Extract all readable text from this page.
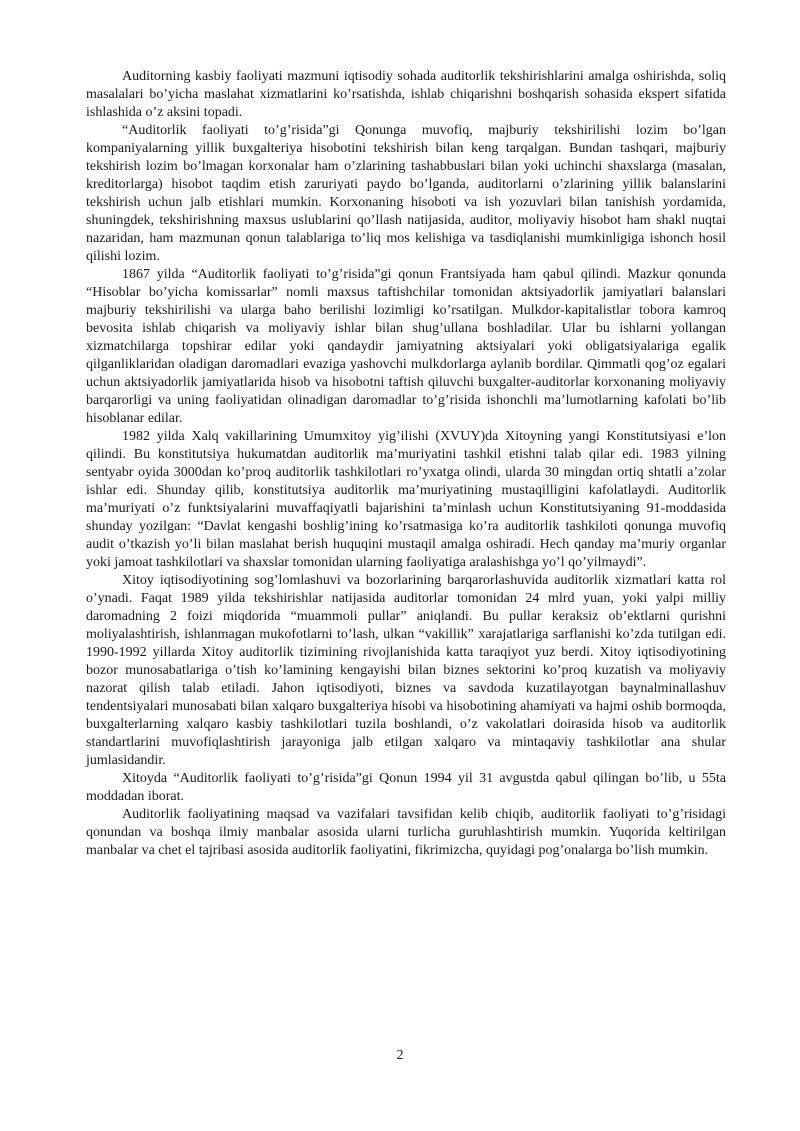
Auditorning kasbiy faoliyati mazmuni iqtisodiy sohada auditorlik tekshirishlarini amalga oshirishda, soliq masalalari bo’yicha maslahat xizmatlarini ko’rsatishda, ishlab chiqarishni boshqarish sohasida ekspert sifatida ishlashida o’z aksini topadi.

“Auditorlik faoliyati to’g’risida”gi Qonunga muvofiq, majburiy tekshirilishi lozim bo’lgan kompaniyalarning yillik buxgalteriya hisobotini tekshirish bilan keng tarqalgan. Bundan tashqari, majburiy tekshirish lozim bo’lmagan korxonalar ham o’zlarining tashabbuslari bilan yoki uchinchi shaxslarga (masalan, kreditorlarga) hisobot taqdim etish zaruriyati paydo bo’lganda, auditorlarni o’zlarining yillik balanslarini tekshirish uchun jalb etishlari mumkin. Korxonaning hisoboti va ish yozuvlari bilan tanishish yordamida, shuningdek, tekshirishning maxsus uslublarini qo’llash natijasida, auditor, moliyaviy hisobot ham shakl nuqtai nazaridan, ham mazmunan qonun talablariga to’liq mos kelishiga va tasdiqlanishi mumkinligiga ishonch hosil qilishi lozim.

1867 yilda “Auditorlik faoliyati to’g’risida”gi qonun Frantsiyada ham qabul qilindi. Mazkur qonunda “Hisoblar bo’yicha komissarlar” nomli maxsus taftishchilar tomonidan aktsiyadorlik jamiyatlari balanslari majburiy tekshirilishi va ularga baho berilishi lozimligi ko’rsatilgan. Mulkdor-kapitalistlar tobora kamroq bevosita ishlab chiqarish va moliyaviy ishlar bilan shug’ullana boshladilar. Ular bu ishlarni yollangan xizmatchilarga topshirar edilar yoki qandaydir jamiyatning aktsiyalari yoki obligatsiyalariga egalik qilganliklaridan oladigan daromadlari evaziga yashovchi mulkdorlarga aylanib bordilar. Qimmatli qog’oz egalari uchun aktsiyadorlik jamiyatlarida hisob va hisobotni taftish qiluvchi buxgalter-auditorlar korxonaning moliyaviy barqarorligi va uning faoliyatidan olinadigan daromadlar to’g’risida ishonchli ma’lumotlarning kafolati bo’lib hisoblanar edilar.

1982 yilda Xalq vakillarining Umumxitoy yig’ilishi (XVUY)da Xitoyning yangi Konstitutsiyasi e’lon qilindi. Bu konstitutsiya hukumatdan auditorlik ma’muriyatini tashkil etishni talab qilar edi. 1983 yilning sentyabr oyida 3000dan ko’proq auditorlik tashkilotlari ro’yxatga olindi, ularda 30 mingdan ortiq shtatli a’zolar ishlar edi. Shunday qilib, konstitutsiya auditorlik ma’muriyatining mustaqilligini kafolatlaydi. Auditorlik ma’muriyati o’z funktsiyalarini muvaffaqiyatli bajarishini ta’minlash uchun Konstitutsiyaning 91-moddasida shunday yozilgan: “Davlat kengashi boshlig’ining ko’rsatmasiga ko’ra auditorlik tashkiloti qonunga muvofiq audit o’tkazish yo’li bilan maslahat berish huquqini mustaqil amalga oshiradi. Hech qanday ma’muriy organlar yoki jamoat tashkilotlari va shaxslar tomonidan ularning faoliyatiga aralashishga yo’l qo’yilmaydi”.

Xitoy iqtisodiyotining sog’lomlashuvi va bozorlarining barqarorlashuvida auditorlik xizmatlari katta rol o’ynadi. Faqat 1989 yilda tekshirishlar natijasida auditorlar tomonidan 24 mlrd yuan, yoki yalpi milliy daromadning 2 foizi miqdorida “muammoli pullar” aniqlandi. Bu pullar keraksiz ob’ektlarni qurishni moliyalashtirish, ishlanmagan mukofotlarni to’lash, ulkan “vakillik” xarajatlariga sarflanishi ko’zda tutilgan edi. 1990-1992 yillarda Xitoy auditorlik tizimining rivojlanishida katta taraqiyot yuz berdi. Xitoy iqtisodiyotining bozor munosabatlariga o’tish ko’lamining kengayishi bilan biznes sektorini ko’proq kuzatish va moliyaviy nazorat qilish talab etiladi. Jahon iqtisodiyoti, biznes va savdoda kuzatilayotgan baynalminallashuv tendentsiyalari munosabati bilan xalqaro buxgalteriya hisobi va hisobotining ahamiyati va hajmi oshib bormoqda, buxgalterlarning xalqaro kasbiy tashkilotlari tuzila boshlandi, o’z vakolatlari doirasida hisob va auditorlik standartlarini muvofiqlashtirish jarayoniga jalb etilgan xalqaro va mintaqaviy tashkilotlar ana shular jumlasidandir.

Xitoyda “Auditorlik faoliyati to’g’risida”gi Qonun 1994 yil 31 avgustda qabul qilingan bo’lib, u 55ta moddadan iborat.

Auditorlik faoliyatining maqsad va vazifalari tavsifidan kelib chiqib, auditorlik faoliyati to’g’risidagi qonundan va boshqa ilmiy manbalar asosida ularni turlicha guruhlashtirish mumkin. Yuqorida keltirilgan manbalar va chet el tajribasi asosida auditorlik faoliyatini, fikrimizcha, quyidagi pog’onalarga bo’lish mumkin.

2
